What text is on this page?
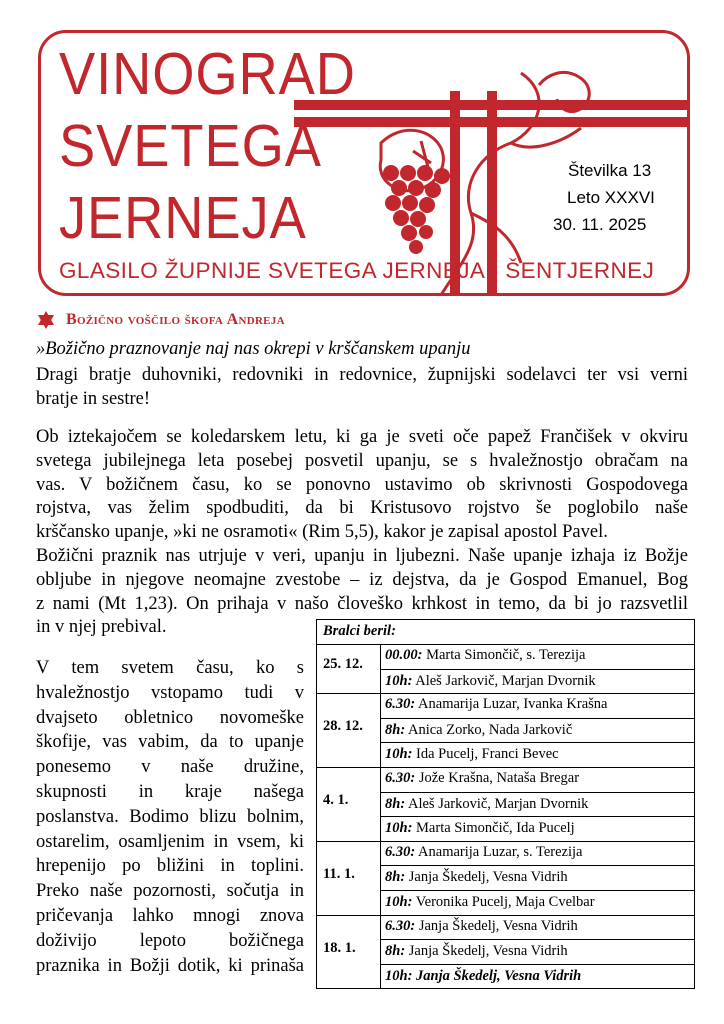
VINOGRAD
SVETEGA
JERNEJA
GLASILO ŽUPNIJE SVETEGA JERNEJA - ŠENTJERNEJ
Številka 13
Leto XXXVI
30. 11. 2025
Božično voščilo škofa Andreja
»Božično praznovanje naj nas okrepi v krščanskem upanju
Dragi bratje duhovniki, redovniki in redovnice, župnijski sodelavci ter vsi verni
bratje in sestre!
Ob iztekajočem se koledarskem letu, ki ga je sveti oče papež Frančišek v okviru
svetega jubilejnega leta posebej posvetil upanju, se s hvaležnostjo obračam na
vas. V božičnem času, ko se ponovno ustavimo ob skrivnosti Gospodovega
rojstva, vas želim spodbuditi, da bi Kristusovo rojstvo še poglobilo naše
krščansko upanje, »ki ne osramoti« (Rim 5,5), kakor je zapisal apostol Pavel.
Božični praznik nas utrjuje v veri, upanju in ljubezni. Naše upanje izhaja iz Božje
obljube in njegove neomajne zvestobe – iz dejstva, da je Gospod Emanuel, Bog
z nami (Mt 1,23). On prihaja v našo človeško krhkost in temo, da bi jo razsvetlil
in v njej prebival.
V tem svetem času, ko s
hvaležnostjo vstopamo tudi v
dvajseto obletnico novomeške
škofije, vas vabim, da to upanje
ponesemo v naše družine,
skupnosti in kraje našega
poslanstva. Bodimo blizu bolnim,
ostarelim, osamljenim in vsem, ki
hrepenijo po bližini in toplini.
Preko naše pozornosti, sočutja in
pričevanja lahko mnogi znova
doživijo lepoto božičnega
praznika in Božji dotik, ki prinaša
Bralci beril:
25. 12.
00.00: Marta Simončič, s. Terezija
10h: Aleš Jarkovič, Marjan Dvornik
28. 12.
6.30: Anamarija Luzar, Ivanka Krašna
8h: Anica Zorko, Nada Jarkovič
10h: Ida Pucelj, Franci Bevec
4. 1.
6.30: Jože Krašna, Nataša Bregar
8h: Aleš Jarkovič, Marjan Dvornik
10h: Marta Simončič, Ida Pucelj
11. 1.
6.30: Anamarija Luzar, s. Terezija
8h: Janja Škedelj, Vesna Vidrih
10h: Veronika Pucelj, Maja Cvelbar
18. 1.
6.30: Janja Škedelj, Vesna Vidrih
8h: Janja Škedelj, Vesna Vidrih
10h: Janja Škedelj, Vesna Vidrih
